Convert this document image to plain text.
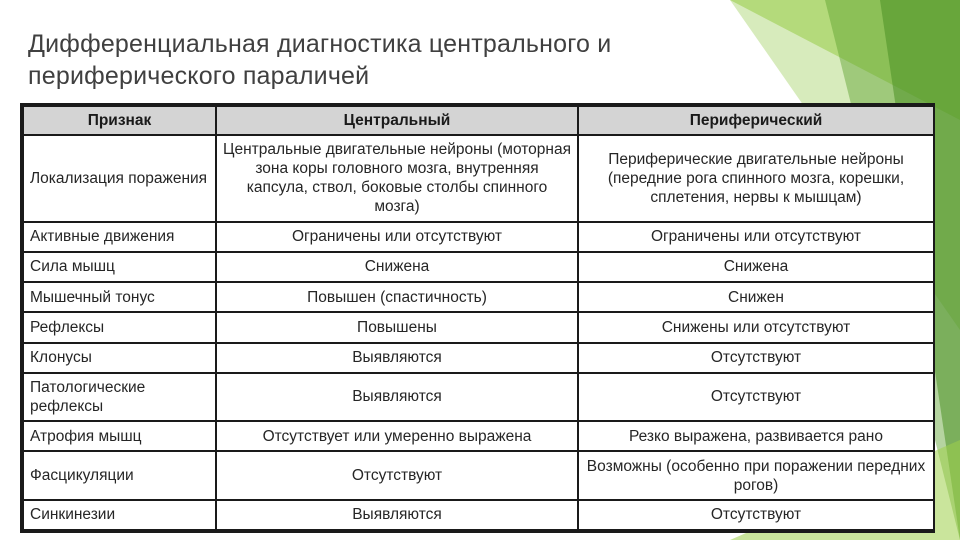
Дифференциальная диагностика центрального и периферического параличей
Признак	Центральный	Периферический
Локализация поражения	Центральные двигательные нейроны (моторная зона коры головного мозга, внутренняя капсула, ствол, боковые столбы спинного мозга)	Периферические двигательные нейроны (передние рога спинного мозга, корешки, сплетения, нервы к мышцам)
Активные движения	Ограничены или отсутствуют	Ограничены или отсутствуют
Сила мышц	Снижена	Снижена
Мышечный тонус	Повышен (спастичность)	Снижен
Рефлексы	Повышены	Снижены или отсутствуют
Клонусы	Выявляются	Отсутствуют
Патологические рефлексы	Выявляются	Отсутствуют
Атрофия мышц	Отсутствует или умеренно выражена	Резко выражена, развивается рано
Фасцикуляции	Отсутствуют	Возможны (особенно при поражении передних рогов)
Синкинезии	Выявляются	Отсутствуют
